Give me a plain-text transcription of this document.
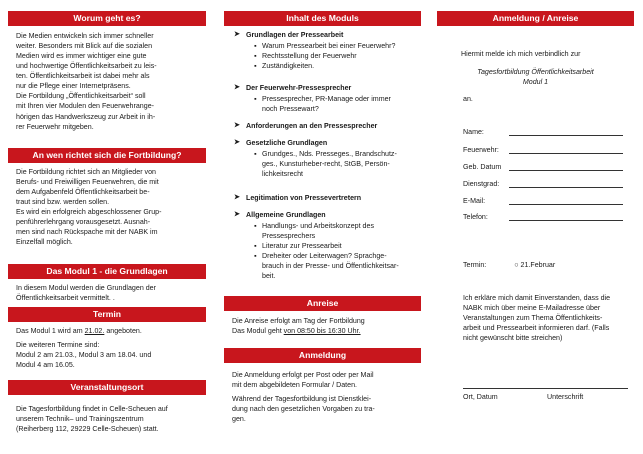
Worum geht es?

Die Medien entwickeln sich immer schneller

weiter. Besonders mit Blick auf die sozialen

Medien wird es immer wichtiger eine gute

und hochwertige Öffentlichkeitsarbeit zu leis-

ten. Öffentlichkeitsarbeit ist dabei mehr als

nur die Pflege einer Internetpräsens.

Die Fortbildung „Öffentlichkeitsarbeit“ soll

mit Ihren vier Modulen den Feuerwehrange-

hörigen das Handwerkszeug zur Arbeit in ih-

rer Feuerwehr mitgeben.

An wen richtet sich die Fortbildung?

Die Fortbildung richtet sich an Mitglieder von

Berufs- und Freiwilligen Feuerwehren, die mit

dem Aufgabenfeld Öffentlichkeitsarbeit be-

traut sind bzw. werden sollen.

Es wird ein erfolgreich abgeschlossener Grup-

penführerlehrgang vorausgesetzt. Ausnah-

men sind nach Rückspache mit der NABK im

Einzelfall möglich.

Das Modul 1 - die Grundlagen

In diesem Modul werden die Grundlagen der

Öffentlichkeitsarbeit vermittelt. .

Termin

Das Modul 1 wird am 21.02. angeboten.

Die weiteren Termine sind:

Modul 2 am 21.03., Modul 3 am 18.04. und

Modul 4 am 16.05.

Veranstaltungsort

Die Tagesfortbildung findet in Celle-Scheuen auf

unserem Technik– und Trainingszentrum

(Reiherberg 112, 29229 Celle-Scheuen) statt.

Inhalt des Moduls
➤ Grundlagen der Pressearbeit
▪ Warum Pressearbeit bei einer Feuerwehr?
▪ Rechtsstellung der Feuerwehr
▪ Zuständigkeiten.
➤ Der Feuerwehr-Pressesprecher
▪ Pressesprecher, PR-Manage oder immer
noch Pressewart?
➤ Anforderungen an den Pressesprecher
➤ Gesetzliche Grundlagen
▪ Grundges., Nds. Presseges., Brandschutz-
ges., Kunsturheber-recht, StGB, Persön-
lichkeitsrecht
➤ Legitimation von Pressevertretern
➤ Allgemeine Grundlagen
▪ Handlungs- und Arbeitskonzept des
Pressesprechers
▪ Literatur zur Pressearbeit
▪ Dreheiter oder Leiterwagen? Sprachge-
brauch in der Presse- und Öffentlichkeitsar-
beit.
Anreise

Die Anreise erfolgt am Tag der Fortbildung

Das Modul geht von 08:50 bis 16:30 Uhr.

Anmeldung

Die Anmeldung erfolgt per Post oder per Mail

mit dem abgebildeten Formular / Daten.

Während der Tagesfortbildung ist Dienstklei-

dung nach den gesetzlichen Vorgaben zu tra-

gen.

Anmeldung / Anreise
Hiermit melde ich mich verbindlich zur
Tagesfortbildung Öffentlichkeitsarbeit
Modul 1
an.
Name:
Feuerwehr:
Geb. Datum
Dienstgrad:
E-Mail:
Telefon:
Termin:	○ 21.Februar

Ich erkläre mich damit Einverstanden, dass die

NABK mich über meine E-Mailadresse über

Veranstaltungen zum Thema Öffentlichkeits-

arbeit und Pressearbeit informieren darf. (Falls

nicht gewünscht bitte streichen)

Ort, Datum	Unterschrift
